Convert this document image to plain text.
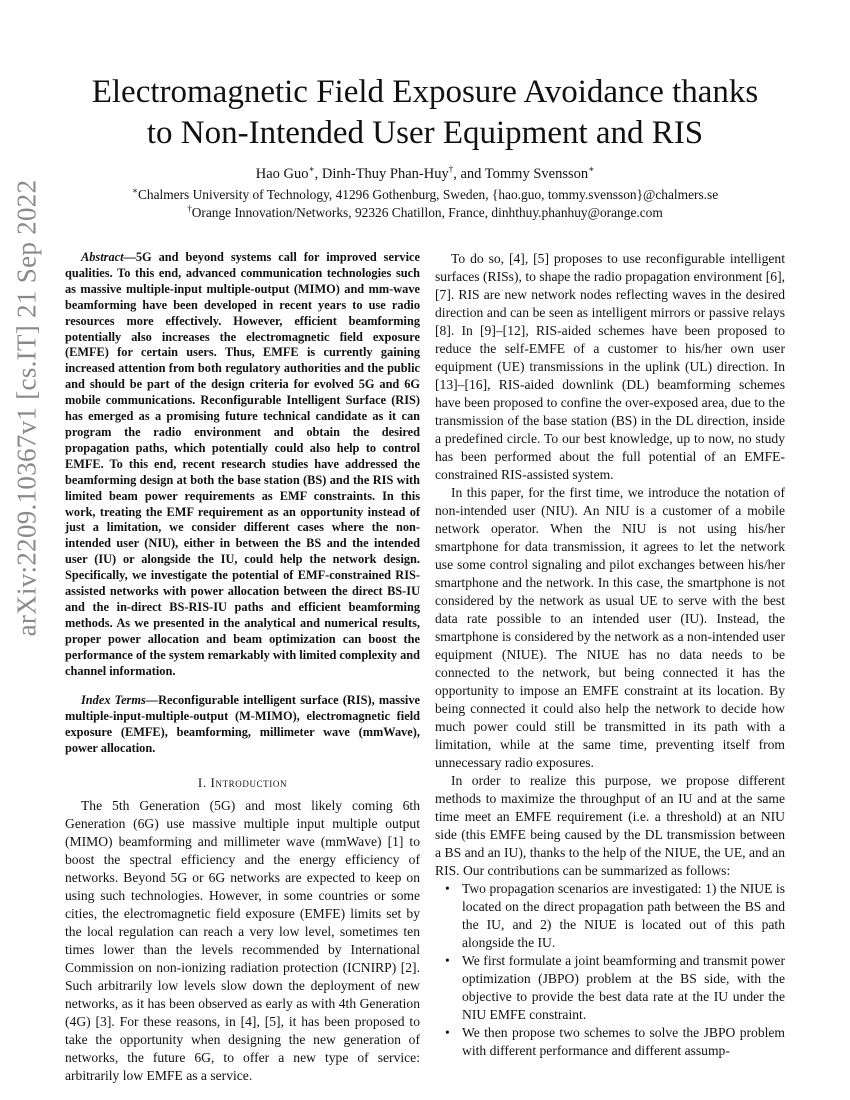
arXiv:2209.10367v1 [cs.IT] 21 Sep 2022
Electromagnetic Field Exposure Avoidance thanks
to Non-Intended User Equipment and RIS
Hao Guo∗, Dinh-Thuy Phan-Huy†, and Tommy Svensson∗
∗Chalmers University of Technology, 41296 Gothenburg, Sweden, {hao.guo, tommy.svensson}@chalmers.se
†Orange Innovation/Networks, 92326 Chatillon, France, dinhthuy.phanhuy@orange.com

Abstract—5G and beyond systems call for improved service qualities. To this end, advanced communication technologies such as massive multiple-input multiple-output (MIMO) and mm-wave beamforming have been developed in recent years to use radio resources more effectively. However, efficient beamforming potentially also increases the electromagnetic field exposure (EMFE) for certain users. Thus, EMFE is currently gaining increased attention from both regulatory authorities and the public and should be part of the design criteria for evolved 5G and 6G mobile communications. Reconfigurable Intelligent Surface (RIS) has emerged as a promising future technical candidate as it can program the radio environment and obtain the desired propagation paths, which potentially could also help to control EMFE. To this end, recent research studies have addressed the beamforming design at both the base station (BS) and the RIS with limited beam power requirements as EMF constraints. In this work, treating the EMF requirement as an opportunity instead of just a limitation, we consider different cases where the non-intended user (NIU), either in between the BS and the intended user (IU) or alongside the IU, could help the network design. Specifically, we investigate the potential of EMF-constrained RIS-assisted networks with power allocation between the direct BS-IU and the in-direct BS-RIS-IU paths and efficient beamforming methods. As we presented in the analytical and numerical results, proper power allocation and beam optimization can boost the performance of the system remarkably with limited complexity and channel information.

Index Terms—Reconfigurable intelligent surface (RIS), massive multiple-input-multiple-output (M-MIMO), electromagnetic field exposure (EMFE), beamforming, millimeter wave (mmWave), power allocation.

I. Introduction

The 5th Generation (5G) and most likely coming 6th Generation (6G) use massive multiple input multiple output (MIMO) beamforming and millimeter wave (mmWave) [1] to boost the spectral efficiency and the energy efficiency of networks. Beyond 5G or 6G networks are expected to keep on using such technologies. However, in some countries or some cities, the electromagnetic field exposure (EMFE) limits set by the local regulation can reach a very low level, sometimes ten times lower than the levels recommended by International Commission on non-ionizing radiation protection (ICNIRP) [2]. Such arbitrarily low levels slow down the deployment of new networks, as it has been observed as early as with 4th Generation (4G) [3]. For these reasons, in [4], [5], it has been proposed to take the opportunity when designing the new generation of networks, the future 6G, to offer a new type of service: arbitrarily low EMFE as a service.

To do so, [4], [5] proposes to use reconfigurable intelligent surfaces (RISs), to shape the radio propagation environment [6], [7]. RIS are new network nodes reflecting waves in the desired direction and can be seen as intelligent mirrors or passive relays [8]. In [9]–[12], RIS-aided schemes have been proposed to reduce the self-EMFE of a customer to his/her own user equipment (UE) transmissions in the uplink (UL) direction. In [13]–[16], RIS-aided downlink (DL) beamforming schemes have been proposed to confine the over-exposed area, due to the transmission of the base station (BS) in the DL direction, inside a predefined circle. To our best knowledge, up to now, no study has been performed about the full potential of an EMFE-constrained RIS-assisted system.

In this paper, for the first time, we introduce the notation of non-intended user (NIU). An NIU is a customer of a mobile network operator. When the NIU is not using his/her smartphone for data transmission, it agrees to let the network use some control signaling and pilot exchanges between his/her smartphone and the network. In this case, the smartphone is not considered by the network as usual UE to serve with the best data rate possible to an intended user (IU). Instead, the smartphone is considered by the network as a non-intended user equipment (NIUE). The NIUE has no data needs to be connected to the network, but being connected it has the opportunity to impose an EMFE constraint at its location. By being connected it could also help the network to decide how much power could still be transmitted in its path with a limitation, while at the same time, preventing itself from unnecessary radio exposures.

In order to realize this purpose, we propose different methods to maximize the throughput of an IU and at the same time meet an EMFE requirement (i.e. a threshold) at an NIU side (this EMFE being caused by the DL transmission between a BS and an IU), thanks to the help of the NIUE, the UE, and an RIS. Our contributions can be summarized as follows:

• Two propagation scenarios are investigated: 1) the NIUE is located on the direct propagation path between the BS and the IU, and 2) the NIUE is located out of this path alongside the IU.
• We first formulate a joint beamforming and transmit power optimization (JBPO) problem at the BS side, with the objective to provide the best data rate at the IU under the NIU EMFE constraint.
• We then propose two schemes to solve the JBPO problem with different performance and different assump-
